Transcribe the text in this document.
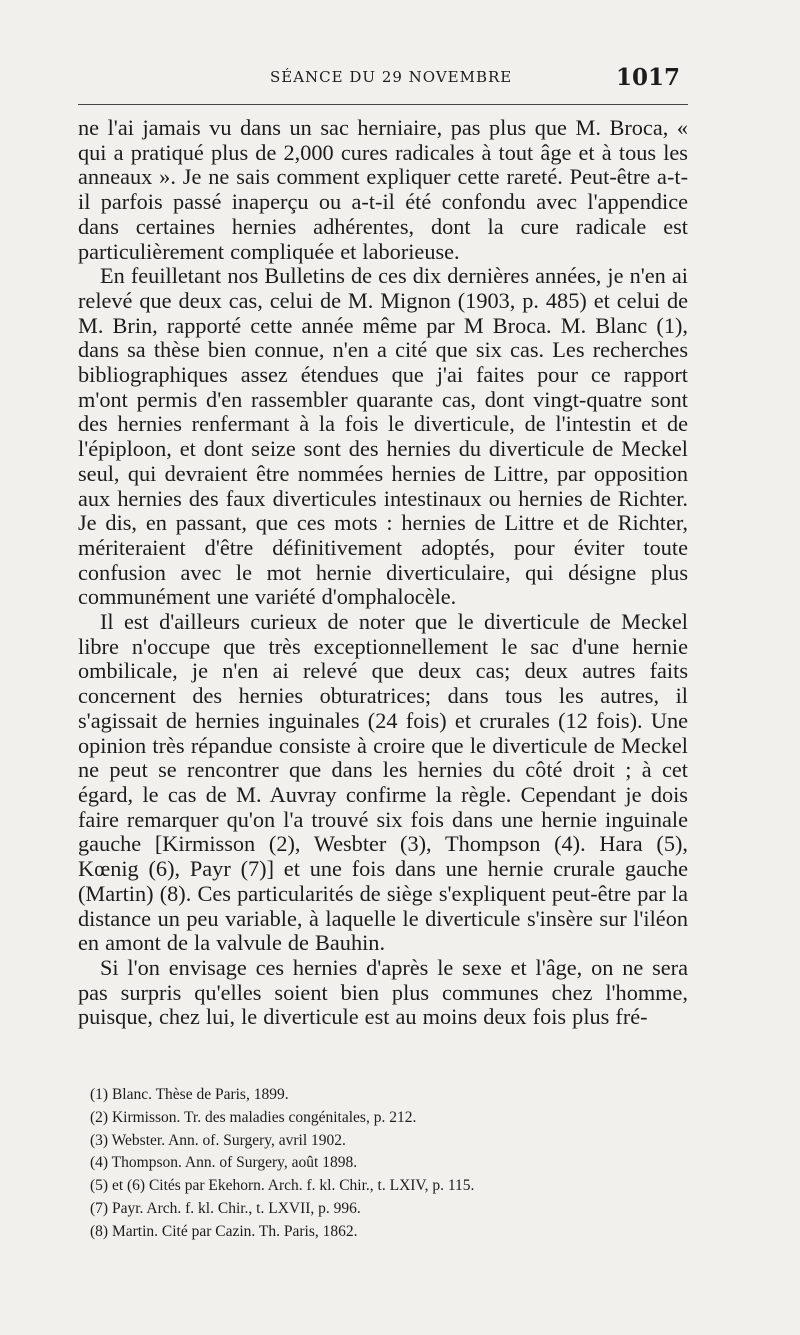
SÉANCE DU 29 NOVEMBRE	1017

ne l'ai jamais vu dans un sac herniaire, pas plus que M. Broca, « qui a pratiqué plus de 2,000 cures radicales à tout âge et à tous les anneaux ». Je ne sais comment expliquer cette rareté. Peut-être a-t-il parfois passé inaperçu ou a-t-il été confondu avec l'appendice dans certaines hernies adhérentes, dont la cure radicale est particulièrement compliquée et laborieuse.

En feuilletant nos Bulletins de ces dix dernières années, je n'en ai relevé que deux cas, celui de M. Mignon (1903, p. 485) et celui de M. Brin, rapporté cette année même par M Broca. M. Blanc (1), dans sa thèse bien connue, n'en a cité que six cas. Les recherches bibliographiques assez étendues que j'ai faites pour ce rapport m'ont permis d'en rassembler quarante cas, dont vingt-quatre sont des hernies renfermant à la fois le diverticule, de l'intestin et de l'épiploon, et dont seize sont des hernies du diverticule de Meckel seul, qui devraient être nommées hernies de Littre, par opposition aux hernies des faux diverticules intestinaux ou hernies de Richter. Je dis, en passant, que ces mots : hernies de Littre et de Richter, mériteraient d'être définitivement adoptés, pour éviter toute confusion avec le mot hernie diverticulaire, qui désigne plus communément une variété d'omphalocèle.

Il est d'ailleurs curieux de noter que le diverticule de Meckel libre n'occupe que très exceptionnellement le sac d'une hernie ombilicale, je n'en ai relevé que deux cas; deux autres faits concernent des hernies obturatrices; dans tous les autres, il s'agissait de hernies inguinales (24 fois) et crurales (12 fois). Une opinion très répandue consiste à croire que le diverticule de Meckel ne peut se rencontrer que dans les hernies du côté droit ; à cet égard, le cas de M. Auvray confirme la règle. Cependant je dois faire remarquer qu'on l'a trouvé six fois dans une hernie inguinale gauche [Kirmisson (2), Wesbter (3), Thompson (4). Hara (5), Kœnig (6), Payr (7)] et une fois dans une hernie crurale gauche (Martin) (8). Ces particularités de siège s'expliquent peut-être par la distance un peu variable, à laquelle le diverticule s'insère sur l'iléon en amont de la valvule de Bauhin.

Si l'on envisage ces hernies d'après le sexe et l'âge, on ne sera pas surpris qu'elles soient bien plus communes chez l'homme, puisque, chez lui, le diverticule est au moins deux fois plus fré-

(1) Blanc. Thèse de Paris, 1899.
(2) Kirmisson. Tr. des maladies congénitales, p. 212.
(3) Webster. Ann. of. Surgery, avril 1902.
(4) Thompson. Ann. of Surgery, août 1898.
(5) et (6) Cités par Ekehorn. Arch. f. kl. Chir., t. LXIV, p. 115.
(7) Payr. Arch. f. kl. Chir., t. LXVII, p. 996.
(8) Martin. Cité par Cazin. Th. Paris, 1862.
